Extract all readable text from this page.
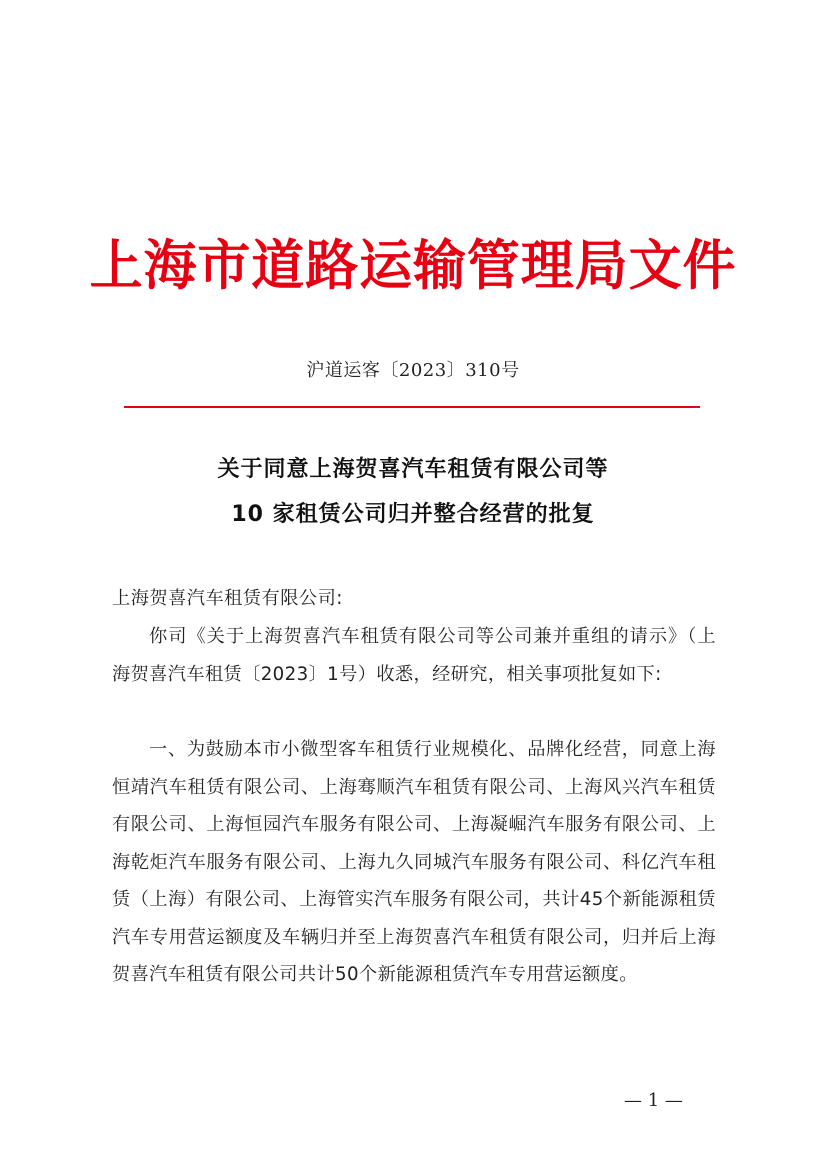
上海市道路运输管理局文件
沪道运客〔2023〕310号
关于同意上海贺喜汽车租赁有限公司等
10 家租赁公司归并整合经营的批复
上海贺喜汽车租赁有限公司:
你司《关于上海贺喜汽车租赁有限公司等公司兼并重组的请示》（上海贺喜汽车租赁〔2023〕1号）收悉，经研究，相关事项批复如下:
一、为鼓励本市小微型客车租赁行业规模化、品牌化经营，同意上海恒靖汽车租赁有限公司、上海骞顺汽车租赁有限公司、上海风兴汽车租赁有限公司、上海恒园汽车服务有限公司、上海凝崛汽车服务有限公司、上海乾炬汽车服务有限公司、上海九久同城汽车服务有限公司、科亿汽车租赁（上海）有限公司、上海管实汽车服务有限公司，共计45个新能源租赁汽车专用营运额度及车辆归并至上海贺喜汽车租赁有限公司，归并后上海贺喜汽车租赁有限公司共计50个新能源租赁汽车专用营运额度。
— 1 —
